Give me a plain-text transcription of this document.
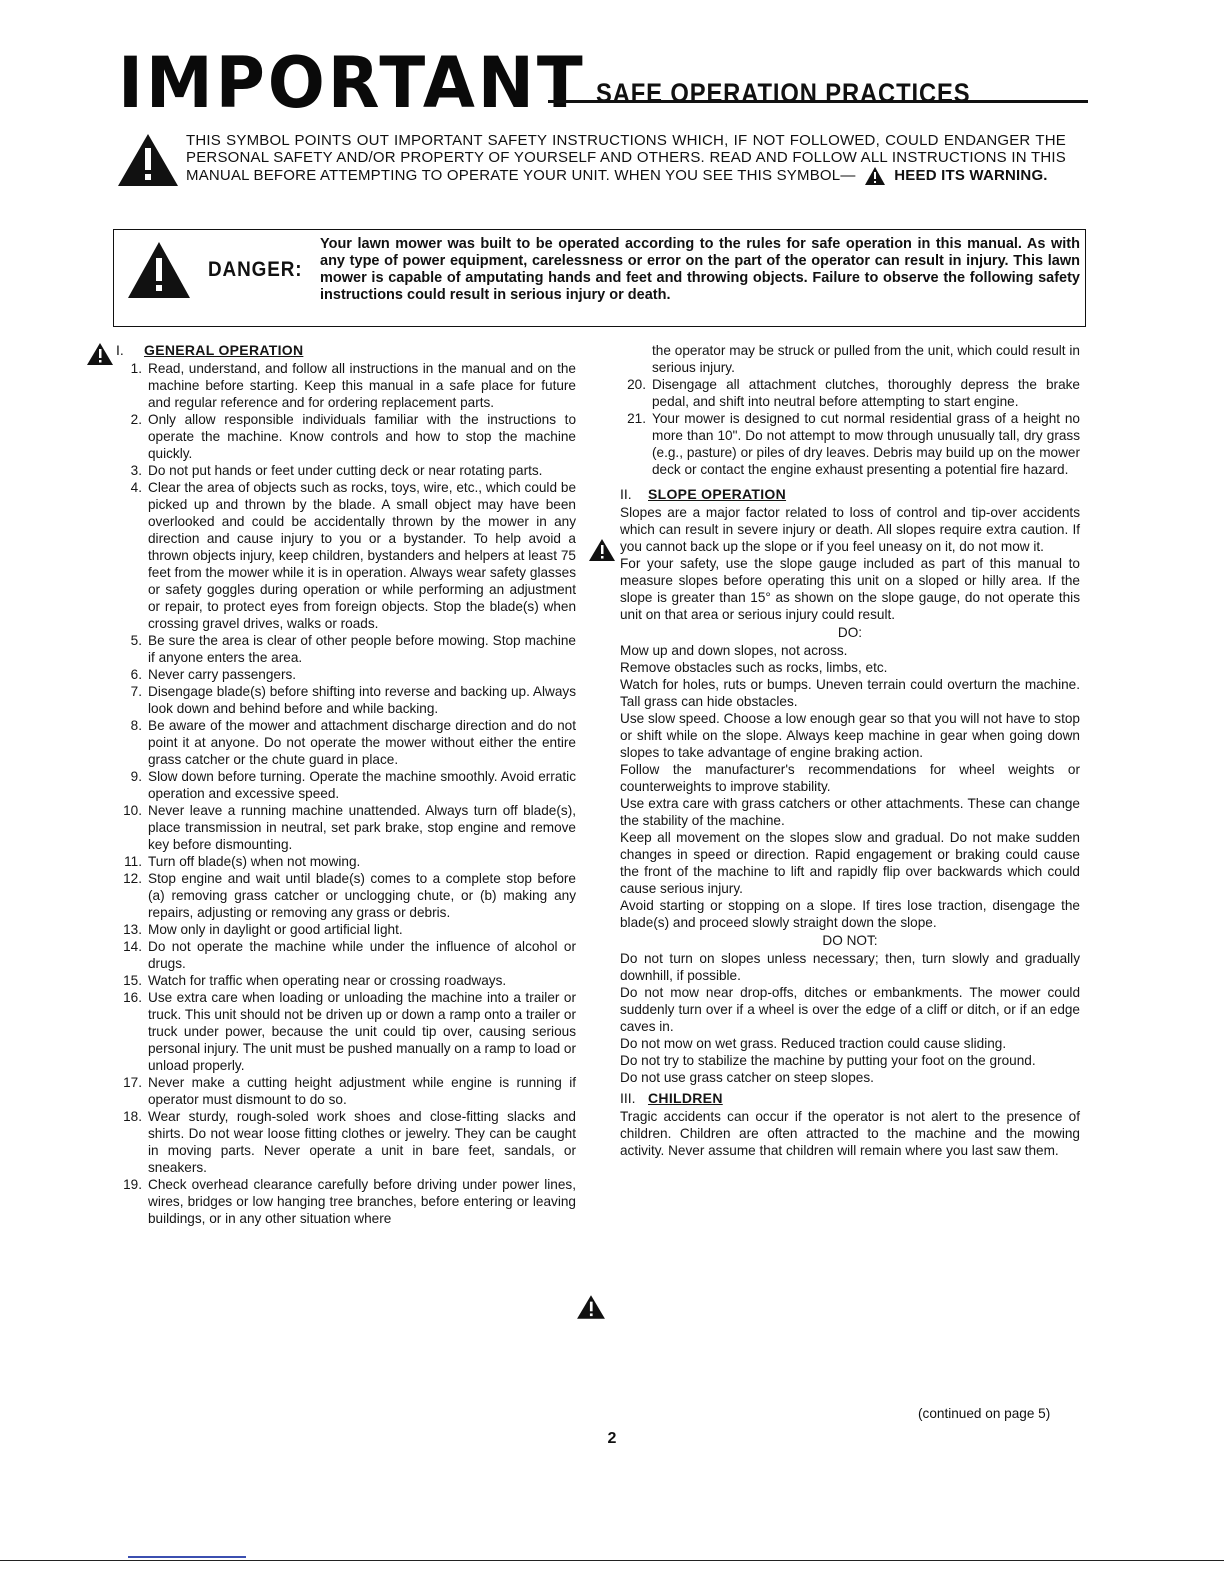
IMPORTANT SAFE OPERATION PRACTICES
THIS SYMBOL POINTS OUT IMPORTANT SAFETY INSTRUCTIONS WHICH, IF NOT FOLLOWED, COULD ENDANGER THE PERSONAL SAFETY AND/OR PROPERTY OF YOURSELF AND OTHERS. READ AND FOLLOW ALL INSTRUCTIONS IN THIS MANUAL BEFORE ATTEMPTING TO OPERATE YOUR UNIT. WHEN YOU SEE THIS SYMBOL—	HEED ITS WARNING.
DANGER:
Your lawn mower was built to be operated according to the rules for safe operation in this manual. As with any type of power equipment, carelessness or error on the part of the operator can result in injury. This lawn mower is capable of amputating hands and feet and throwing objects. Failure to observe the following safety instructions could result in serious injury or death.
I.	GENERAL OPERATION
1. Read, understand, and follow all instructions in the manual and on the machine before starting. Keep this manual in a safe place for future and regular reference and for ordering replacement parts.
2. Only allow responsible individuals familiar with the instructions to operate the machine. Know controls and how to stop the machine quickly.
3. Do not put hands or feet under cutting deck or near rotating parts.
4. Clear the area of objects such as rocks, toys, wire, etc., which could be picked up and thrown by the blade. A small object may have been overlooked and could be accidentally thrown by the mower in any direction and cause injury to you or a bystander. To help avoid a thrown objects injury, keep children, bystanders and helpers at least 75 feet from the mower while it is in operation. Always wear safety glasses or safety goggles during operation or while performing an adjustment or repair, to protect eyes from foreign objects. Stop the blade(s) when crossing gravel drives, walks or roads.
5. Be sure the area is clear of other people before mowing. Stop machine if anyone enters the area.
6. Never carry passengers.
7. Disengage blade(s) before shifting into reverse and backing up. Always look down and behind before and while backing.
8. Be aware of the mower and attachment discharge direction and do not point it at anyone. Do not operate the mower without either the entire grass catcher or the chute guard in place.
9. Slow down before turning. Operate the machine smoothly. Avoid erratic operation and excessive speed.
10. Never leave a running machine unattended. Always turn off blade(s), place transmission in neutral, set park brake, stop engine and remove key before dismounting.
11. Turn off blade(s) when not mowing.
12. Stop engine and wait until blade(s) comes to a complete stop before (a) removing grass catcher or unclogging chute, or (b) making any repairs, adjusting or removing any grass or debris.
13. Mow only in daylight or good artificial light.
14. Do not operate the machine while under the influence of alcohol or drugs.
15. Watch for traffic when operating near or crossing roadways.
16. Use extra care when loading or unloading the machine into a trailer or truck. This unit should not be driven up or down a ramp onto a trailer or truck under power, because the unit could tip over, causing serious personal injury. The unit must be pushed manually on a ramp to load or unload properly.
17. Never make a cutting height adjustment while engine is running if operator must dismount to do so.
18. Wear sturdy, rough-soled work shoes and close-fitting slacks and shirts. Do not wear loose fitting clothes or jewelry. They can be caught in moving parts. Never operate a unit in bare feet, sandals, or sneakers.
19. Check overhead clearance carefully before driving under power lines, wires, bridges or low hanging tree branches, before entering or leaving buildings, or in any other situation where
the operator may be struck or pulled from the unit, which could result in serious injury.
20. Disengage all attachment clutches, thoroughly depress the brake pedal, and shift into neutral before attempting to start engine.
21. Your mower is designed to cut normal residential grass of a height no more than 10". Do not attempt to mow through unusually tall, dry grass (e.g., pasture) or piles of dry leaves. Debris may build up on the mower deck or contact the engine exhaust presenting a potential fire hazard.
II.	SLOPE OPERATION

Slopes are a major factor related to loss of control and tip-over accidents which can result in severe injury or death. All slopes require extra caution. If you cannot back up the slope or if you feel uneasy on it, do not mow it.

For your safety, use the slope gauge included as part of this manual to measure slopes before operating this unit on a sloped or hilly area. If the slope is greater than 15° as shown on the slope gauge, do not operate this unit on that area or serious injury could result.

DO:
Mow up and down slopes, not across.
Remove obstacles such as rocks, limbs, etc.
Watch for holes, ruts or bumps. Uneven terrain could overturn the machine. Tall grass can hide obstacles.
Use slow speed. Choose a low enough gear so that you will not have to stop or shift while on the slope. Always keep machine in gear when going down slopes to take advantage of engine braking action.
Follow the manufacturer's recommendations for wheel weights or counterweights to improve stability.
Use extra care with grass catchers or other attachments. These can change the stability of the machine.
Keep all movement on the slopes slow and gradual. Do not make sudden changes in speed or direction. Rapid engagement or braking could cause the front of the machine to lift and rapidly flip over backwards which could cause serious injury.
Avoid starting or stopping on a slope. If tires lose traction, disengage the blade(s) and proceed slowly straight down the slope.
DO NOT:
Do not turn on slopes unless necessary; then, turn slowly and gradually downhill, if possible.
Do not mow near drop-offs, ditches or embankments. The mower could suddenly turn over if a wheel is over the edge of a cliff or ditch, or if an edge caves in.
Do not mow on wet grass. Reduced traction could cause sliding.
Do not try to stabilize the machine by putting your foot on the ground.
Do not use grass catcher on steep slopes.
III. CHILDREN

Tragic accidents can occur if the operator is not alert to the presence of children. Children are often attracted to the machine and the mowing activity. Never assume that children will remain where you last saw them.

(continued on page 5)
2
